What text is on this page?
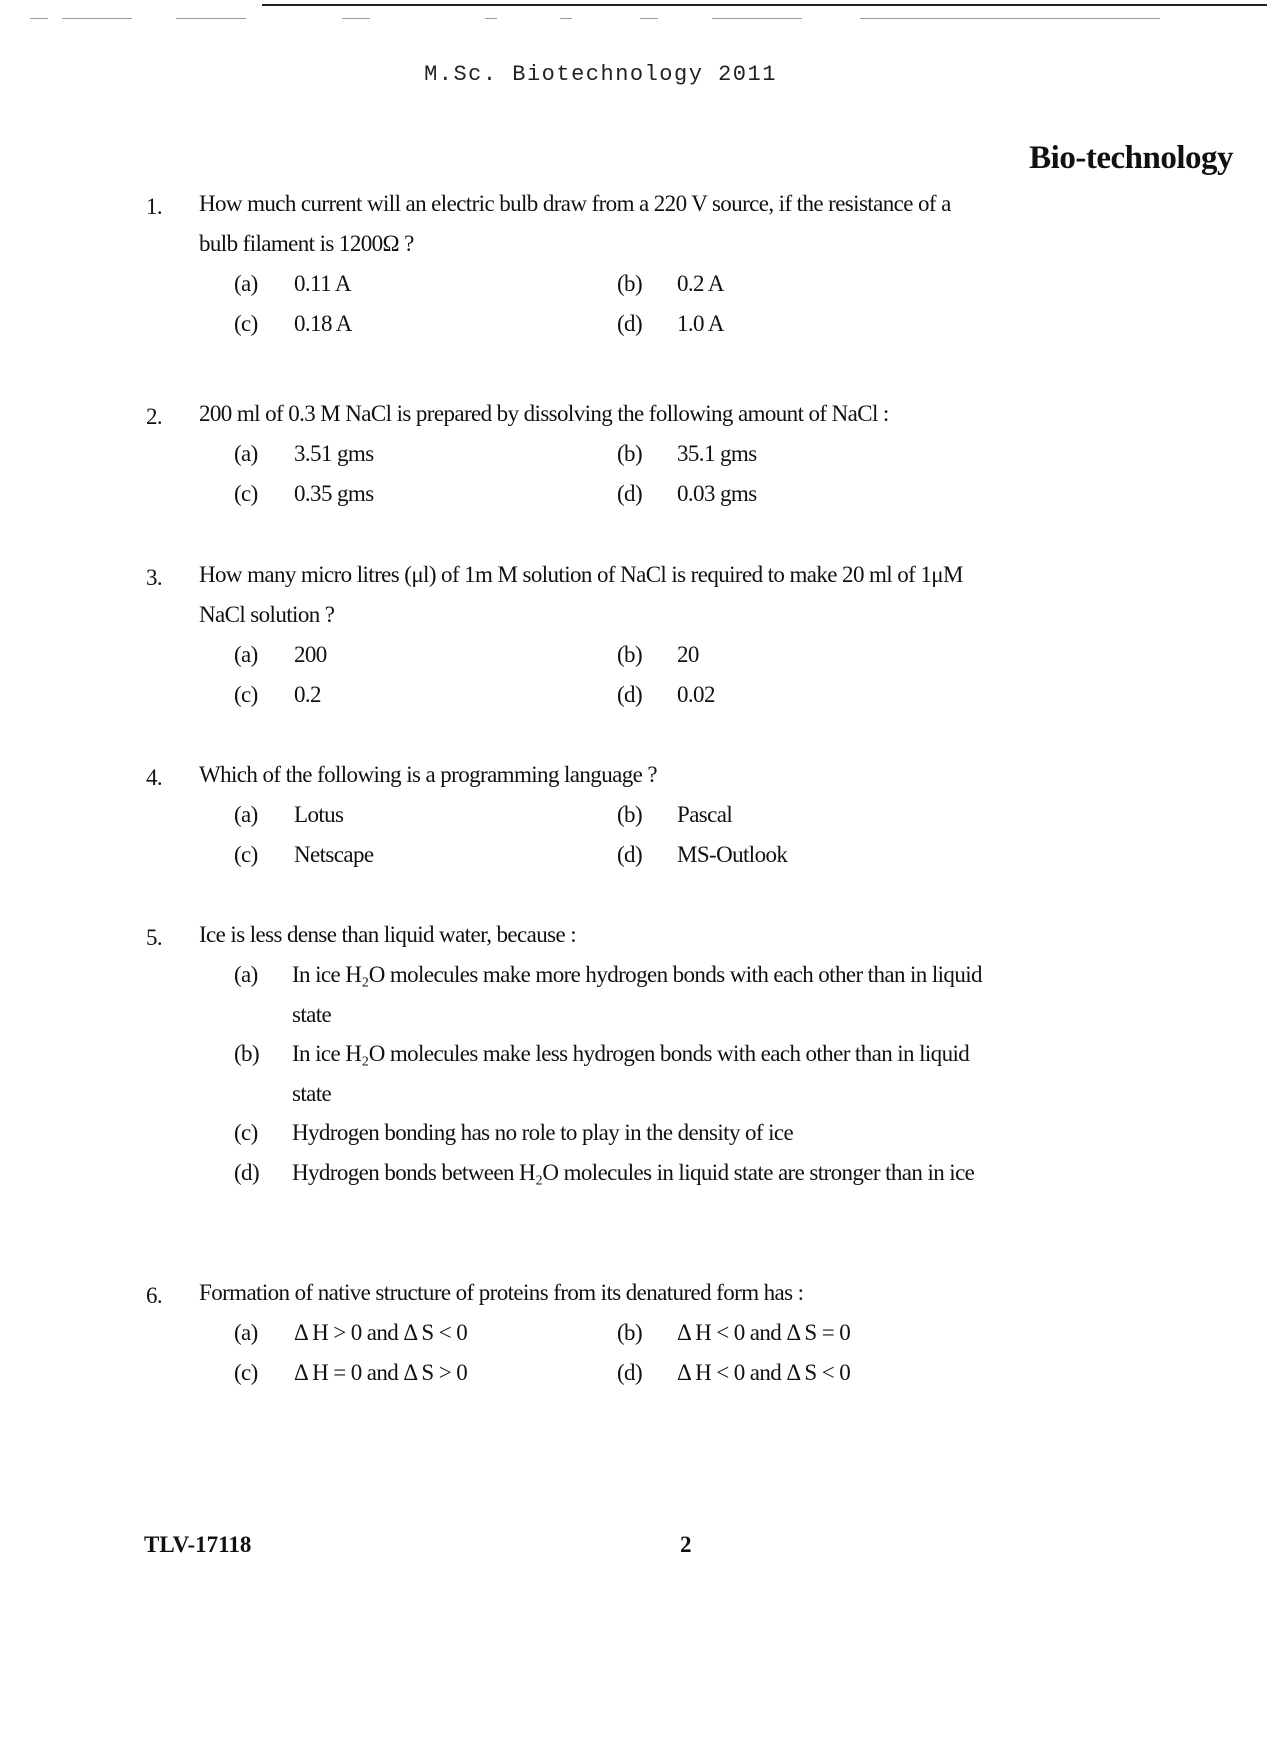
M.Sc. Biotechnology 2011
Bio-technology
1.	How much current will an electric bulb draw from a 220 V source, if the resistance of a bulb filament is 1200Ω ?
(a) 0.11 A	(b) 0.2 A
(c) 0.18 A	(d) 1.0 A
2.	200 ml of 0.3 M NaCl is prepared by dissolving the following amount of NaCl :
(a) 3.51 gms	(b) 35.1 gms
(c) 0.35 gms	(d) 0.03 gms
3.	How many micro litres (μl) of 1m M solution of NaCl is required to make 20 ml of 1μM NaCl solution ?
(a) 200	(b) 20
(c) 0.2	(d) 0.02
4.	Which of the following is a programming language ?
(a) Lotus	(b) Pascal
(c) Netscape	(d) MS-Outlook
5.	Ice is less dense than liquid water, because :
(a)	In ice H₂O molecules make more hydrogen bonds with each other than in liquid state
(b)	In ice H₂O molecules make less hydrogen bonds with each other than in liquid state
(c)	Hydrogen bonding has no role to play in the density of ice
(d)	Hydrogen bonds between H₂O molecules in liquid state are stronger than in ice
6.	Formation of native structure of proteins from its denatured form has :
(a) Δ H > 0 and Δ S < 0	(b) Δ H < 0 and Δ S = 0
(c) Δ H = 0 and Δ S > 0	(d) Δ H < 0 and Δ S < 0
TLV-17118	2
